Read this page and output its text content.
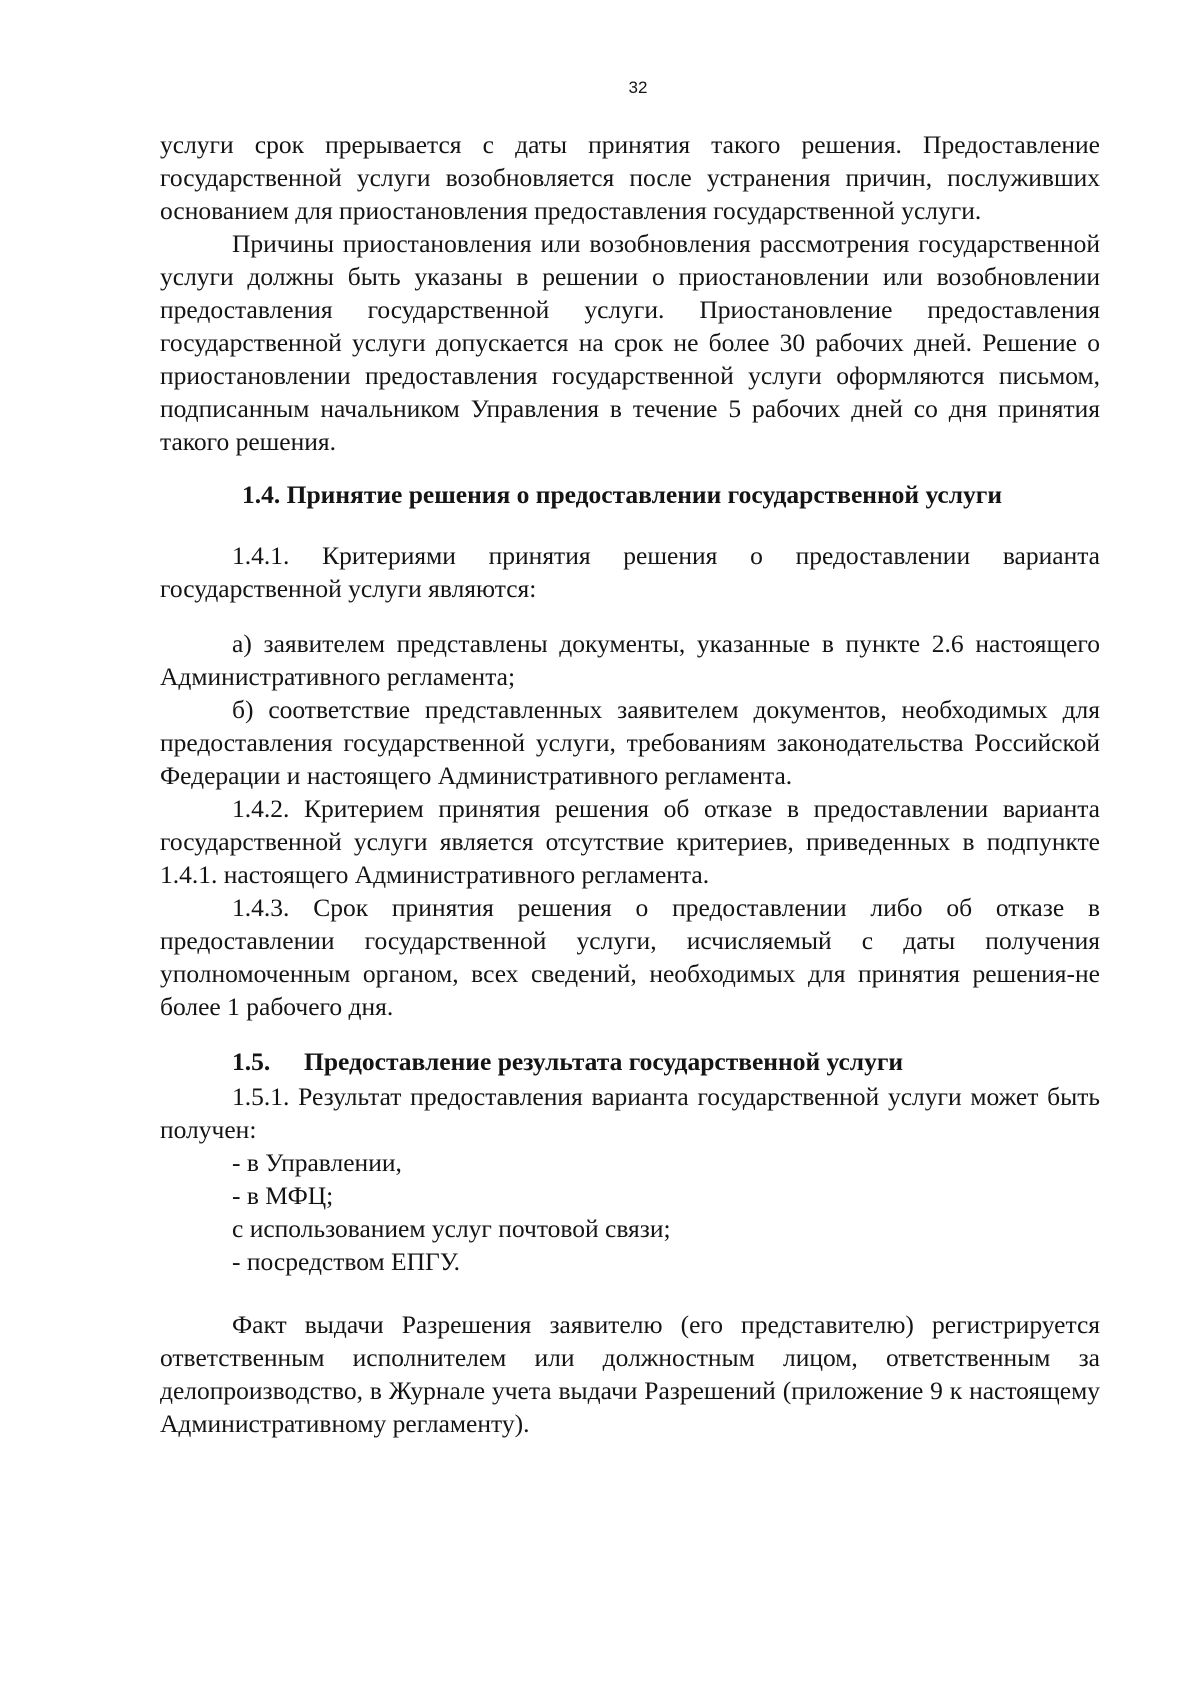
32

услуги срок прерывается с даты принятия такого решения. Предоставление государственной услуги возобновляется после устранения причин, послуживших основанием для приостановления предоставления государственной услуги.

Причины приостановления или возобновления рассмотрения государственной услуги должны быть указаны в решении о приостановлении или возобновлении предоставления государственной услуги. Приостановление предоставления государственной услуги допускается на срок не более 30 рабочих дней. Решение о приостановлении предоставления государственной услуги оформляются письмом, подписанным начальником Управления в течение 5 рабочих дней со дня принятия такого решения.

1.4. Принятие решения о предоставлении государственной услуги

1.4.1. Критериями принятия решения о предоставлении варианта государственной услуги являются:

а) заявителем представлены документы, указанные в пункте 2.6 настоящего Административного регламента;

б) соответствие представленных заявителем документов, необходимых для предоставления государственной услуги, требованиям законодательства Российской Федерации и настоящего Административного регламента.

1.4.2. Критерием принятия решения об отказе в предоставлении варианта государственной услуги является отсутствие критериев, приведенных в подпункте 1.4.1. настоящего Административного регламента.

1.4.3. Срок принятия решения о предоставлении либо об отказе в предоставлении государственной услуги, исчисляемый с даты получения уполномоченным органом, всех сведений, необходимых для принятия решения-не более 1 рабочего дня.

1.5. Предоставление результата государственной услуги

1.5.1. Результат предоставления варианта государственной услуги может быть получен:

- в Управлении,

- в МФЦ;

с использованием услуг почтовой связи;

- посредством ЕПГУ.

Факт выдачи Разрешения заявителю (его представителю) регистрируется ответственным исполнителем или должностным лицом, ответственным за делопроизводство, в Журнале учета выдачи Разрешений (приложение 9 к настоящему Административному регламенту).
